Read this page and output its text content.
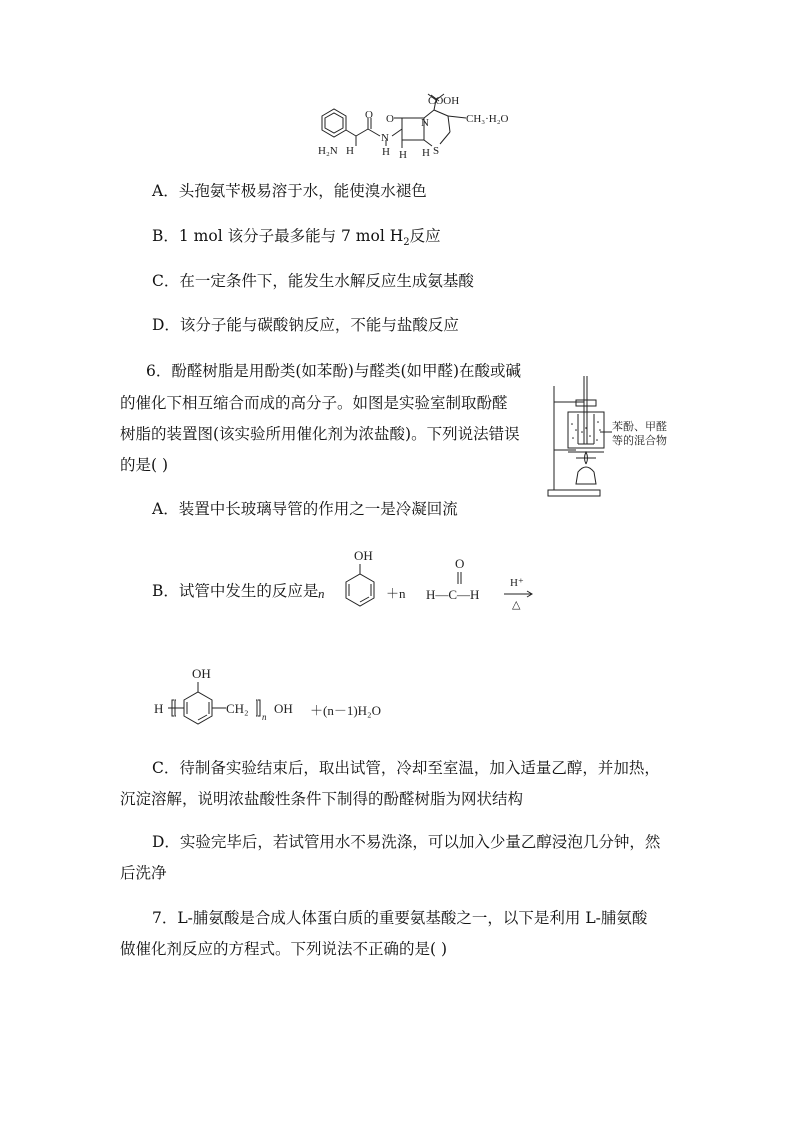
COOH
CH₃·H₂O
H₂N H
O
N
H
O N
H H S
A．头孢氨苄极易溶于水，能使溴水褪色
B．1 mol 该分子最多能与 7 mol $H_2$反应
C．在一定条件下，能发生水解反应生成氨基酸
D．该分子能与碳酸钠反应，不能与盐酸反应
6．酚醛树脂是用酚类(如苯酚)与醛类(如甲醛)在酸或碱
的催化下相互缩合而成的高分子。如图是实验室制取酚醛
树脂的装置图(该实验所用催化剂为浓盐酸)。下列说法错误
的是( )
苯酚、甲醛
等的混合物
A．装置中长玻璃导管的作用之一是冷凝回流
B．试管中发生的反应是 n
OH
＋n
O
H—C—H
H⁺
△
OH
H	CH₂
n
OH ＋(n－1)H₂O
C．待制备实验结束后，取出试管，冷却至室温，加入适量乙醇，并加热，
沉淀溶解，说明浓盐酸性条件下制得的酚醛树脂为网状结构
D．实验完毕后，若试管用水不易洗涤，可以加入少量乙醇浸泡几分钟，然
后洗净
7．L-脯氨酸是合成人体蛋白质的重要氨基酸之一，以下是利用 L-脯氨酸
做催化剂反应的方程式。下列说法不正确的是( )
